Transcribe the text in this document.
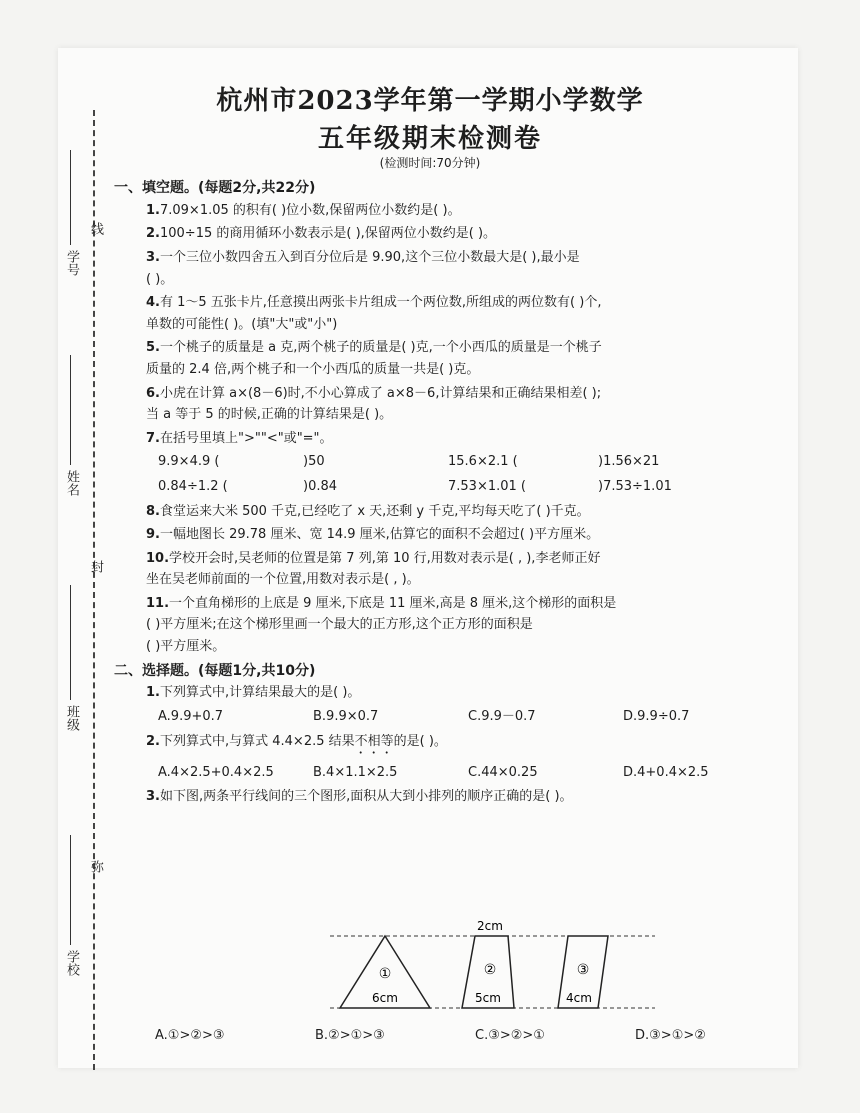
学号
线
姓名
封
班级
弥
学校
杭州市2023学年第一学期小学数学
五年级期末检测卷
(检测时间:70分钟)
一、填空题。(每题2分,共22分)
1.7.09×1.05 的积有( )位小数,保留两位小数约是( )。
2.100÷15 的商用循环小数表示是( ),保留两位小数约是( )。
3.一个三位小数四舍五入到百分位后是 9.90,这个三位小数最大是( ),最小是
( )。
4.有 1～5 五张卡片,任意摸出两张卡片组成一个两位数,所组成的两位数有( )个,
单数的可能性( )。(填"大"或"小")
5.一个桃子的质量是 a 克,两个桃子的质量是( )克,一个小西瓜的质量是一个桃子
质量的 2.4 倍,两个桃子和一个小西瓜的质量一共是( )克。
6.小虎在计算 a×(8－6)时,不小心算成了 a×8－6,计算结果和正确结果相差( );
当 a 等于 5 的时候,正确的计算结果是( )。
7.在括号里填上">""<"或"="。
9.9×4.9 (	)50	15.6×2.1 (	)1.56×21
0.84÷1.2 (	)0.84	7.53×1.01 (	)7.53÷1.01
8.食堂运来大米 500 千克,已经吃了 x 天,还剩 y 千克,平均每天吃了( )千克。
9.一幅地图长 29.78 厘米、宽 14.9 厘米,估算它的面积不会超过( )平方厘米。
10.学校开会时,吴老师的位置是第 7 列,第 10 行,用数对表示是( , ),李老师正好
坐在吴老师前面的一个位置,用数对表示是( , )。
11.一个直角梯形的上底是 9 厘米,下底是 11 厘米,高是 8 厘米,这个梯形的面积是
( )平方厘米;在这个梯形里画一个最大的正方形,这个正方形的面积是
( )平方厘米。
二、选择题。(每题1分,共10分)
1.下列算式中,计算结果最大的是( )。
A.9.9+0.7	B.9.9×0.7	C.9.9－0.7	D.9.9÷0.7
2.下列算式中,与算式 4.4×2.5 结果不相等的是( )。
A.4×2.5+0.4×2.5	B.4×1.1×2.5	C.44×0.25	D.4+0.4×2.5
3.如下图,两条平行线间的三个图形,面积从大到小排列的顺序正确的是( )。
2cm
①	②	③
6cm	5cm	4cm
A.①>②>③	B.②>①>③	C.③>②>①	D.③>①>②
